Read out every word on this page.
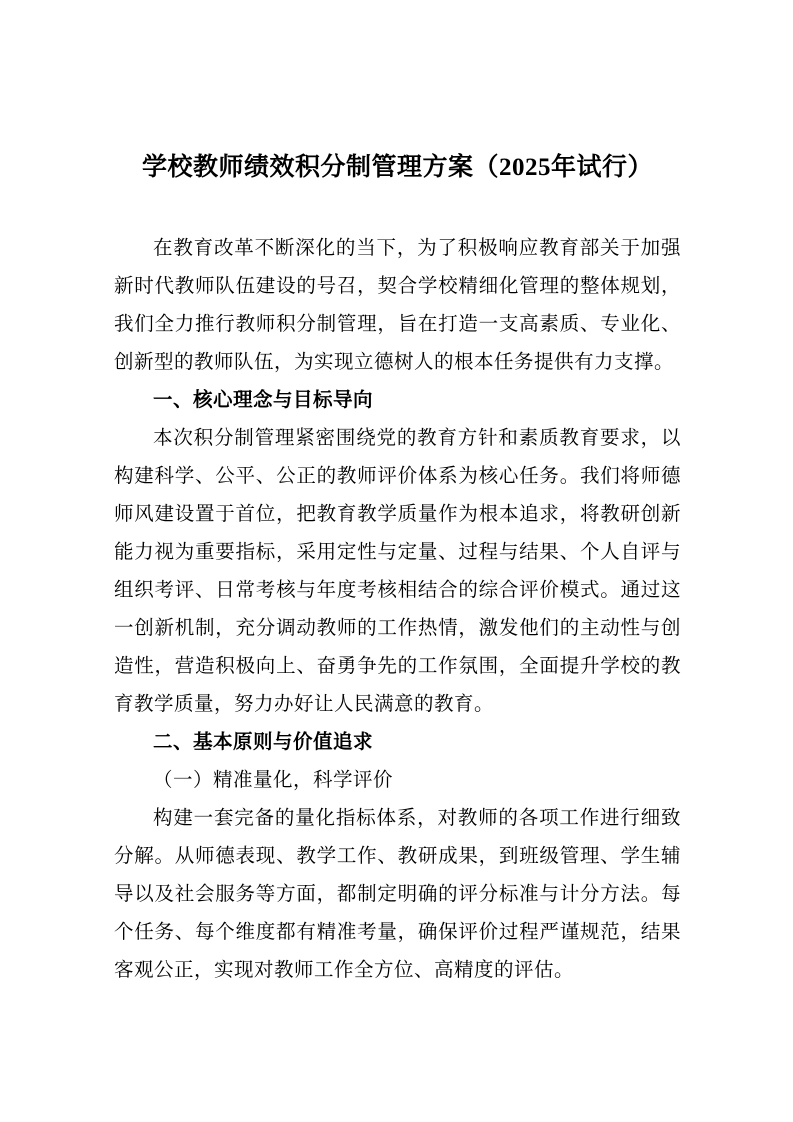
学校教师绩效积分制管理方案（2025年试行）

在教育改革不断深化的当下，为了积极响应教育部关于加强新时代教师队伍建设的号召，契合学校精细化管理的整体规划，我们全力推行教师积分制管理，旨在打造一支高素质、专业化、创新型的教师队伍，为实现立德树人的根本任务提供有力支撑。

一、核心理念与目标导向

本次积分制管理紧密围绕党的教育方针和素质教育要求，以构建科学、公平、公正的教师评价体系为核心任务。我们将师德师风建设置于首位，把教育教学质量作为根本追求，将教研创新能力视为重要指标，采用定性与定量、过程与结果、个人自评与组织考评、日常考核与年度考核相结合的综合评价模式。通过这一创新机制，充分调动教师的工作热情，激发他们的主动性与创造性，营造积极向上、奋勇争先的工作氛围，全面提升学校的教育教学质量，努力办好让人民满意的教育。

二、基本原则与价值追求

（一）精准量化，科学评价

构建一套完备的量化指标体系，对教师的各项工作进行细致分解。从师德表现、教学工作、教研成果，到班级管理、学生辅导以及社会服务等方面，都制定明确的评分标准与计分方法。每个任务、每个维度都有精准考量，确保评价过程严谨规范，结果客观公正，实现对教师工作全方位、高精度的评估。
